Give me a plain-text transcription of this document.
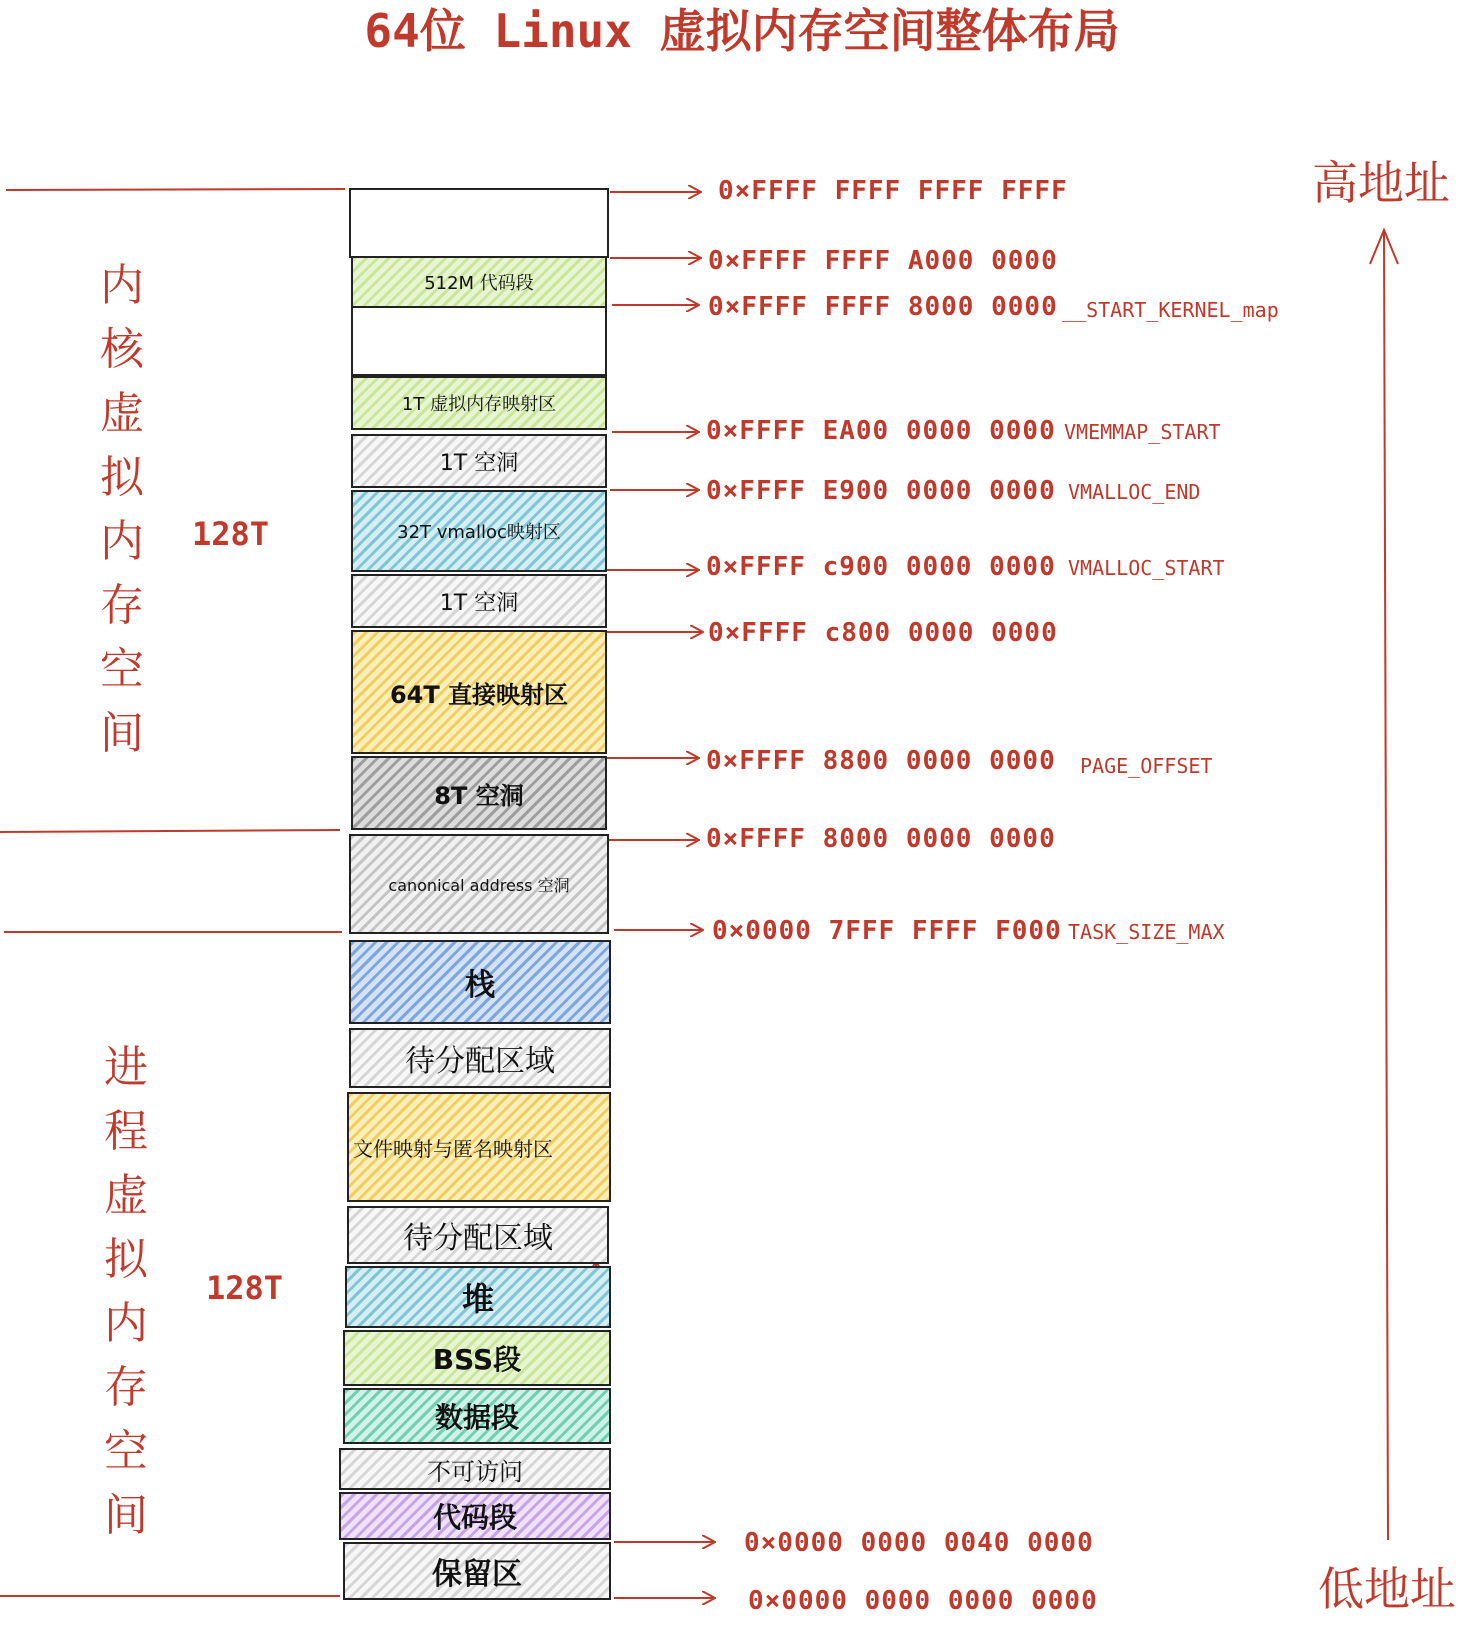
512M 代码段
1T 虚拟内存映射区
1T 空洞
32T vmalloc映射区
1T 空洞
64T 直接映射区
8T 空洞
canonical address 空洞
栈
待分配区域
文件映射与匿名映射区
待分配区域
堆
BSS段
数据段
不可访问
代码段
保留区
64位 Linux 虚拟内存空间整体布局
内核虚拟内存空间
128T
进程虚拟内存空间
128T
高地址
低地址
0×FFFF FFFF FFFF FFFF
0×FFFF FFFF A000 0000
0×FFFF FFFF 8000 0000
0×FFFF EA00 0000 0000
0×FFFF E900 0000 0000
0×FFFF c900 0000 0000
0×FFFF c800 0000 0000
0×FFFF 8800 0000 0000
0×FFFF 8000 0000 0000
0×0000 7FFF FFFF F000
0×0000 0000 0040 0000
0×0000 0000 0000 0000
__START_KERNEL_map
VMEMMAP_START
VMALLOC_END
VMALLOC_START
PAGE_OFFSET
TASK_SIZE_MAX
